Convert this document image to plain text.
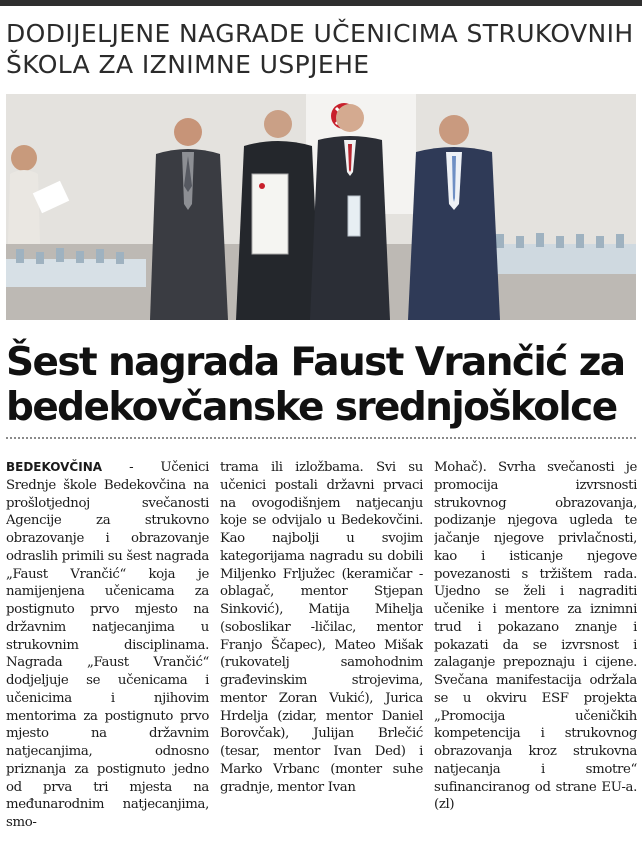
DODIJELJENE NAGRADE UČENICIMA STRUKOVNIH ŠKOLA ZA IZNIMNE USPJEHE
Šest nagrada Faust Vrančić za bedekovčanske srednjoškolce

BEDEKOVČINA - Učenici Srednje škole Bedekovčina na prošlotjednoj svečanosti Agencije za strukovno obrazovanje i obrazovanje odraslih primili su šest nagrada „Faust Vrančić“ koja je namijenjena učenicama za postignuto prvo mjesto na državnim natjecanjima u strukovnim disciplinama. Nagrada „Faust Vrančić“ dodjeljuje se učenicama i učenicima i njihovim mentorima za postignuto prvo mjesto na državnim natjecanjima, odnosno priznanja za postignuto jedno od prva tri mjesta na međunarodnim natjecanjima, smo-

trama ili izložbama. Svi su učenici postali državni prvaci na ovogodišnjem natjecanju koje se odvijalo u Bedekovčini. Kao najbolji u svojim kategorijama nagradu su dobili Miljenko Frljužec (keramičar - oblagač, mentor Stjepan Sinković), Matija Mihelja (soboslikar -ličilac, mentor Franjo Ščapec), Mateo Mišak (rukovatelj samohodnim građevinskim strojevima, mentor Zoran Vukić), Jurica Hrdelja (zidar, mentor Daniel Borovčak), Julijan Brlečić (tesar, mentor Ivan Ded) i Marko Vrbanc (monter suhe gradnje, mentor Ivan

Mohač). Svrha svečanosti je promocija izvrsnosti strukovnog obrazovanja, podizanje njegova ugleda te jačanje njegove privlačnosti, kao i isticanje njegove povezanosti s tržištem rada. Ujedno se želi i nagraditi učenike i mentore za iznimni trud i pokazano znanje i pokazati da se izvrsnost i zalaganje prepoznaju i cijene. Svečana manifestacija održala se u okviru ESF projekta „Promocija učeničkih kompetencija i strukovnog obrazovanja kroz strukovna natjecanja i smotre“ sufinanciranog od strane EU-a. (zl)
